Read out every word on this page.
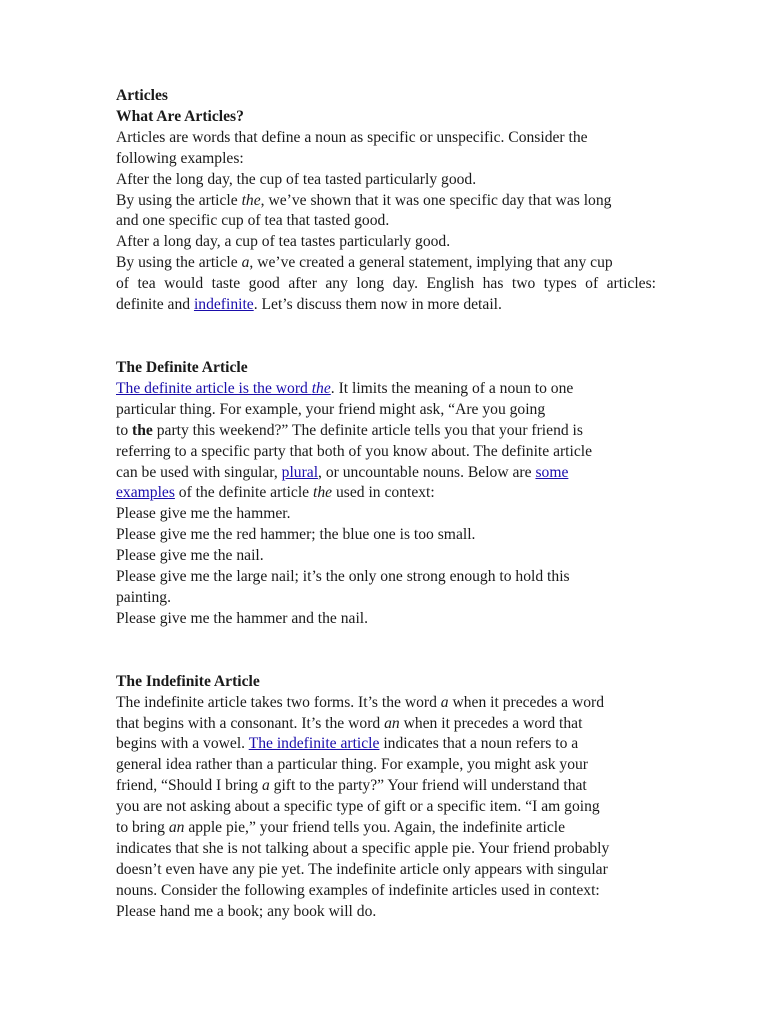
Articles
What Are Articles?
Articles are words that define a noun as specific or unspecific. Consider the
following examples:
After the long day, the cup of tea tasted particularly good.
By using the article the, we’ve shown that it was one specific day that was long
and one specific cup of tea that tasted good.
After a long day, a cup of tea tastes particularly good.
By using the article a, we’ve created a general statement, implying that any cup
of tea would taste good after any long day. English has two types of articles:
definite and indefinite. Let’s discuss them now in more detail.
The Definite Article
The definite article is the word the. It limits the meaning of a noun to one
particular thing. For example, your friend might ask, “Are you going
to the party this weekend?” The definite article tells you that your friend is
referring to a specific party that both of you know about. The definite article
can be used with singular, plural, or uncountable nouns. Below are some
examples of the definite article the used in context:
Please give me the hammer.
Please give me the red hammer; the blue one is too small.
Please give me the nail.
Please give me the large nail; it’s the only one strong enough to hold this
painting.
Please give me the hammer and the nail.
The Indefinite Article
The indefinite article takes two forms. It’s the word a when it precedes a word
that begins with a consonant. It’s the word an when it precedes a word that
begins with a vowel. The indefinite article indicates that a noun refers to a
general idea rather than a particular thing. For example, you might ask your
friend, “Should I bring a gift to the party?” Your friend will understand that
you are not asking about a specific type of gift or a specific item. “I am going
to bring an apple pie,” your friend tells you. Again, the indefinite article
indicates that she is not talking about a specific apple pie. Your friend probably
doesn’t even have any pie yet. The indefinite article only appears with singular
nouns. Consider the following examples of indefinite articles used in context:
Please hand me a book; any book will do.
